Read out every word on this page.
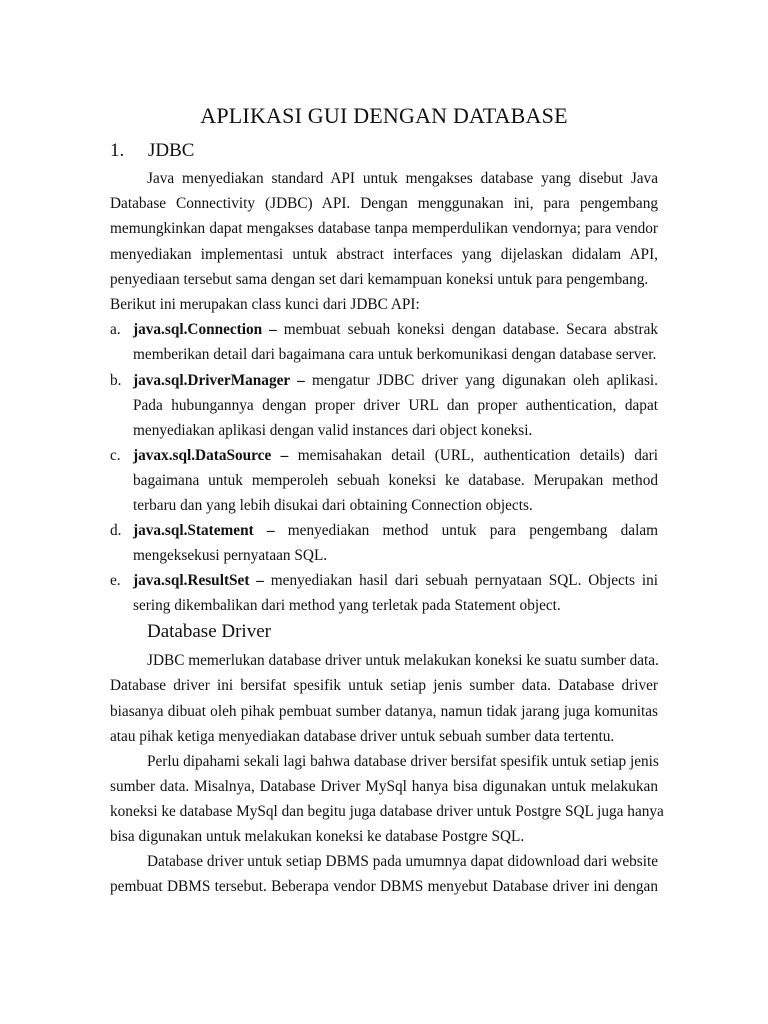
APLIKASI GUI DENGAN DATABASE
1. JDBC
Java menyediakan standard API untuk mengakses database yang disebut Java
Database Connectivity (JDBC) API. Dengan menggunakan ini, para pengembang
memungkinkan dapat mengakses database tanpa memperdulikan vendornya; para vendor
menyediakan implementasi untuk abstract interfaces yang dijelaskan didalam API,
penyediaan tersebut sama dengan set dari kemampuan koneksi untuk para pengembang.
Berikut ini merupakan class kunci dari JDBC API:
a. java.sql.Connection – membuat sebuah koneksi dengan database. Secara abstrak
memberikan detail dari bagaimana cara untuk berkomunikasi dengan database server.
b. java.sql.DriverManager – mengatur JDBC driver yang digunakan oleh aplikasi.
Pada hubungannya dengan proper driver URL dan proper authentication, dapat
menyediakan aplikasi dengan valid instances dari object koneksi.
c. javax.sql.DataSource – memisahakan detail (URL, authentication details) dari
bagaimana untuk memperoleh sebuah koneksi ke database. Merupakan method
terbaru dan yang lebih disukai dari obtaining Connection objects.
d. java.sql.Statement – menyediakan method untuk para pengembang dalam
mengeksekusi pernyataan SQL.
e. java.sql.ResultSet – menyediakan hasil dari sebuah pernyataan SQL. Objects ini
sering dikembalikan dari method yang terletak pada Statement object.
Database Driver
JDBC memerlukan database driver untuk melakukan koneksi ke suatu sumber data.
Database driver ini bersifat spesifik untuk setiap jenis sumber data. Database driver
biasanya dibuat oleh pihak pembuat sumber datanya, namun tidak jarang juga komunitas
atau pihak ketiga menyediakan database driver untuk sebuah sumber data tertentu.
Perlu dipahami sekali lagi bahwa database driver bersifat spesifik untuk setiap jenis
sumber data. Misalnya, Database Driver MySql hanya bisa digunakan untuk melakukan
koneksi ke database MySql dan begitu juga database driver untuk Postgre SQL juga hanya
bisa digunakan untuk melakukan koneksi ke database Postgre SQL.
Database driver untuk setiap DBMS pada umumnya dapat didownload dari website
pembuat DBMS tersebut. Beberapa vendor DBMS menyebut Database driver ini dengan
